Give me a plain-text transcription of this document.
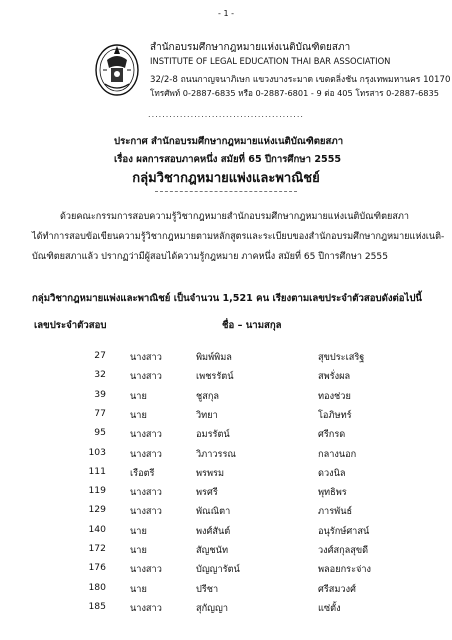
- 1 -
สำนักอบรมศึกษากฎหมายแห่งเนติบัณฑิตยสภา
INSTITUTE OF LEGAL EDUCATION THAI BAR ASSOCIATION
32/2-8 ถนนกาญจนาภิเษก แขวงบางระมาด เขตตลิ่งชัน กรุงเทพมหานคร 10170
โทรศัพท์ 0-2887-6835 หรือ 0-2887-6801 - 9 ต่อ 405 โทรสาร 0-2887-6835
............................................
ประกาศ สำนักอบรมศึกษากฎหมายแห่งเนติบัณฑิตยสภา
เรื่อง ผลการสอบภาคหนึ่ง สมัยที่ 65 ปีการศึกษา 2555
กลุ่มวิชากฎหมายแพ่งและพาณิชย์
ด้วยคณะกรรมการสอบความรู้วิชากฎหมายสำนักอบรมศึกษากฎหมายแห่งเนติบัณฑิตยสภา
ได้ทำการสอบข้อเขียนความรู้วิชากฎหมายตามหลักสูตรและระเบียบของสำนักอบรมศึกษากฎหมายแห่งเนติ-
บัณฑิตยสภาแล้ว ปรากฏว่ามีผู้สอบได้ความรู้กฎหมาย ภาคหนึ่ง สมัยที่ 65 ปีการศึกษา 2555
กลุ่มวิชากฎหมายแพ่งและพาณิชย์ เป็นจำนวน 1,521 คน เรียงตามเลขประจำตัวสอบดังต่อไปนี้
เลขประจำตัวสอบ	ชื่อ – นามสกุล
27	นางสาว	พิมพ์พิมล	สุขประเสริฐ
32	นางสาว	เพชรรัตน์	สพรั่งผล
39	นาย	ชูสกุล	ทองช่วย
77	นาย	วิทยา	โอภิษทร์
95	นางสาว	อมรรัตน์	ศรีกรด
103	นางสาว	วิภาวรรณ	กลางนอก
111	เรือตรี	พรพรม	ดวงนิล
119	นางสาว	พรศรี	พุทธิพร
129	นางสาว	พัณณิตา	ภารพันธ์
140	นาย	พงศ์สันต์	อนุรักษ์ศาสน์
172	นาย	สัญชนัท	วงศ์สกุลสุขดี
176	นางสาว	บัญญารัตน์	พลอยกระจ่าง
180	นาย	ปรีชา	ศรีสมวงศ์
185	นางสาว	สุกัญญา	แซ่ตั้ง
